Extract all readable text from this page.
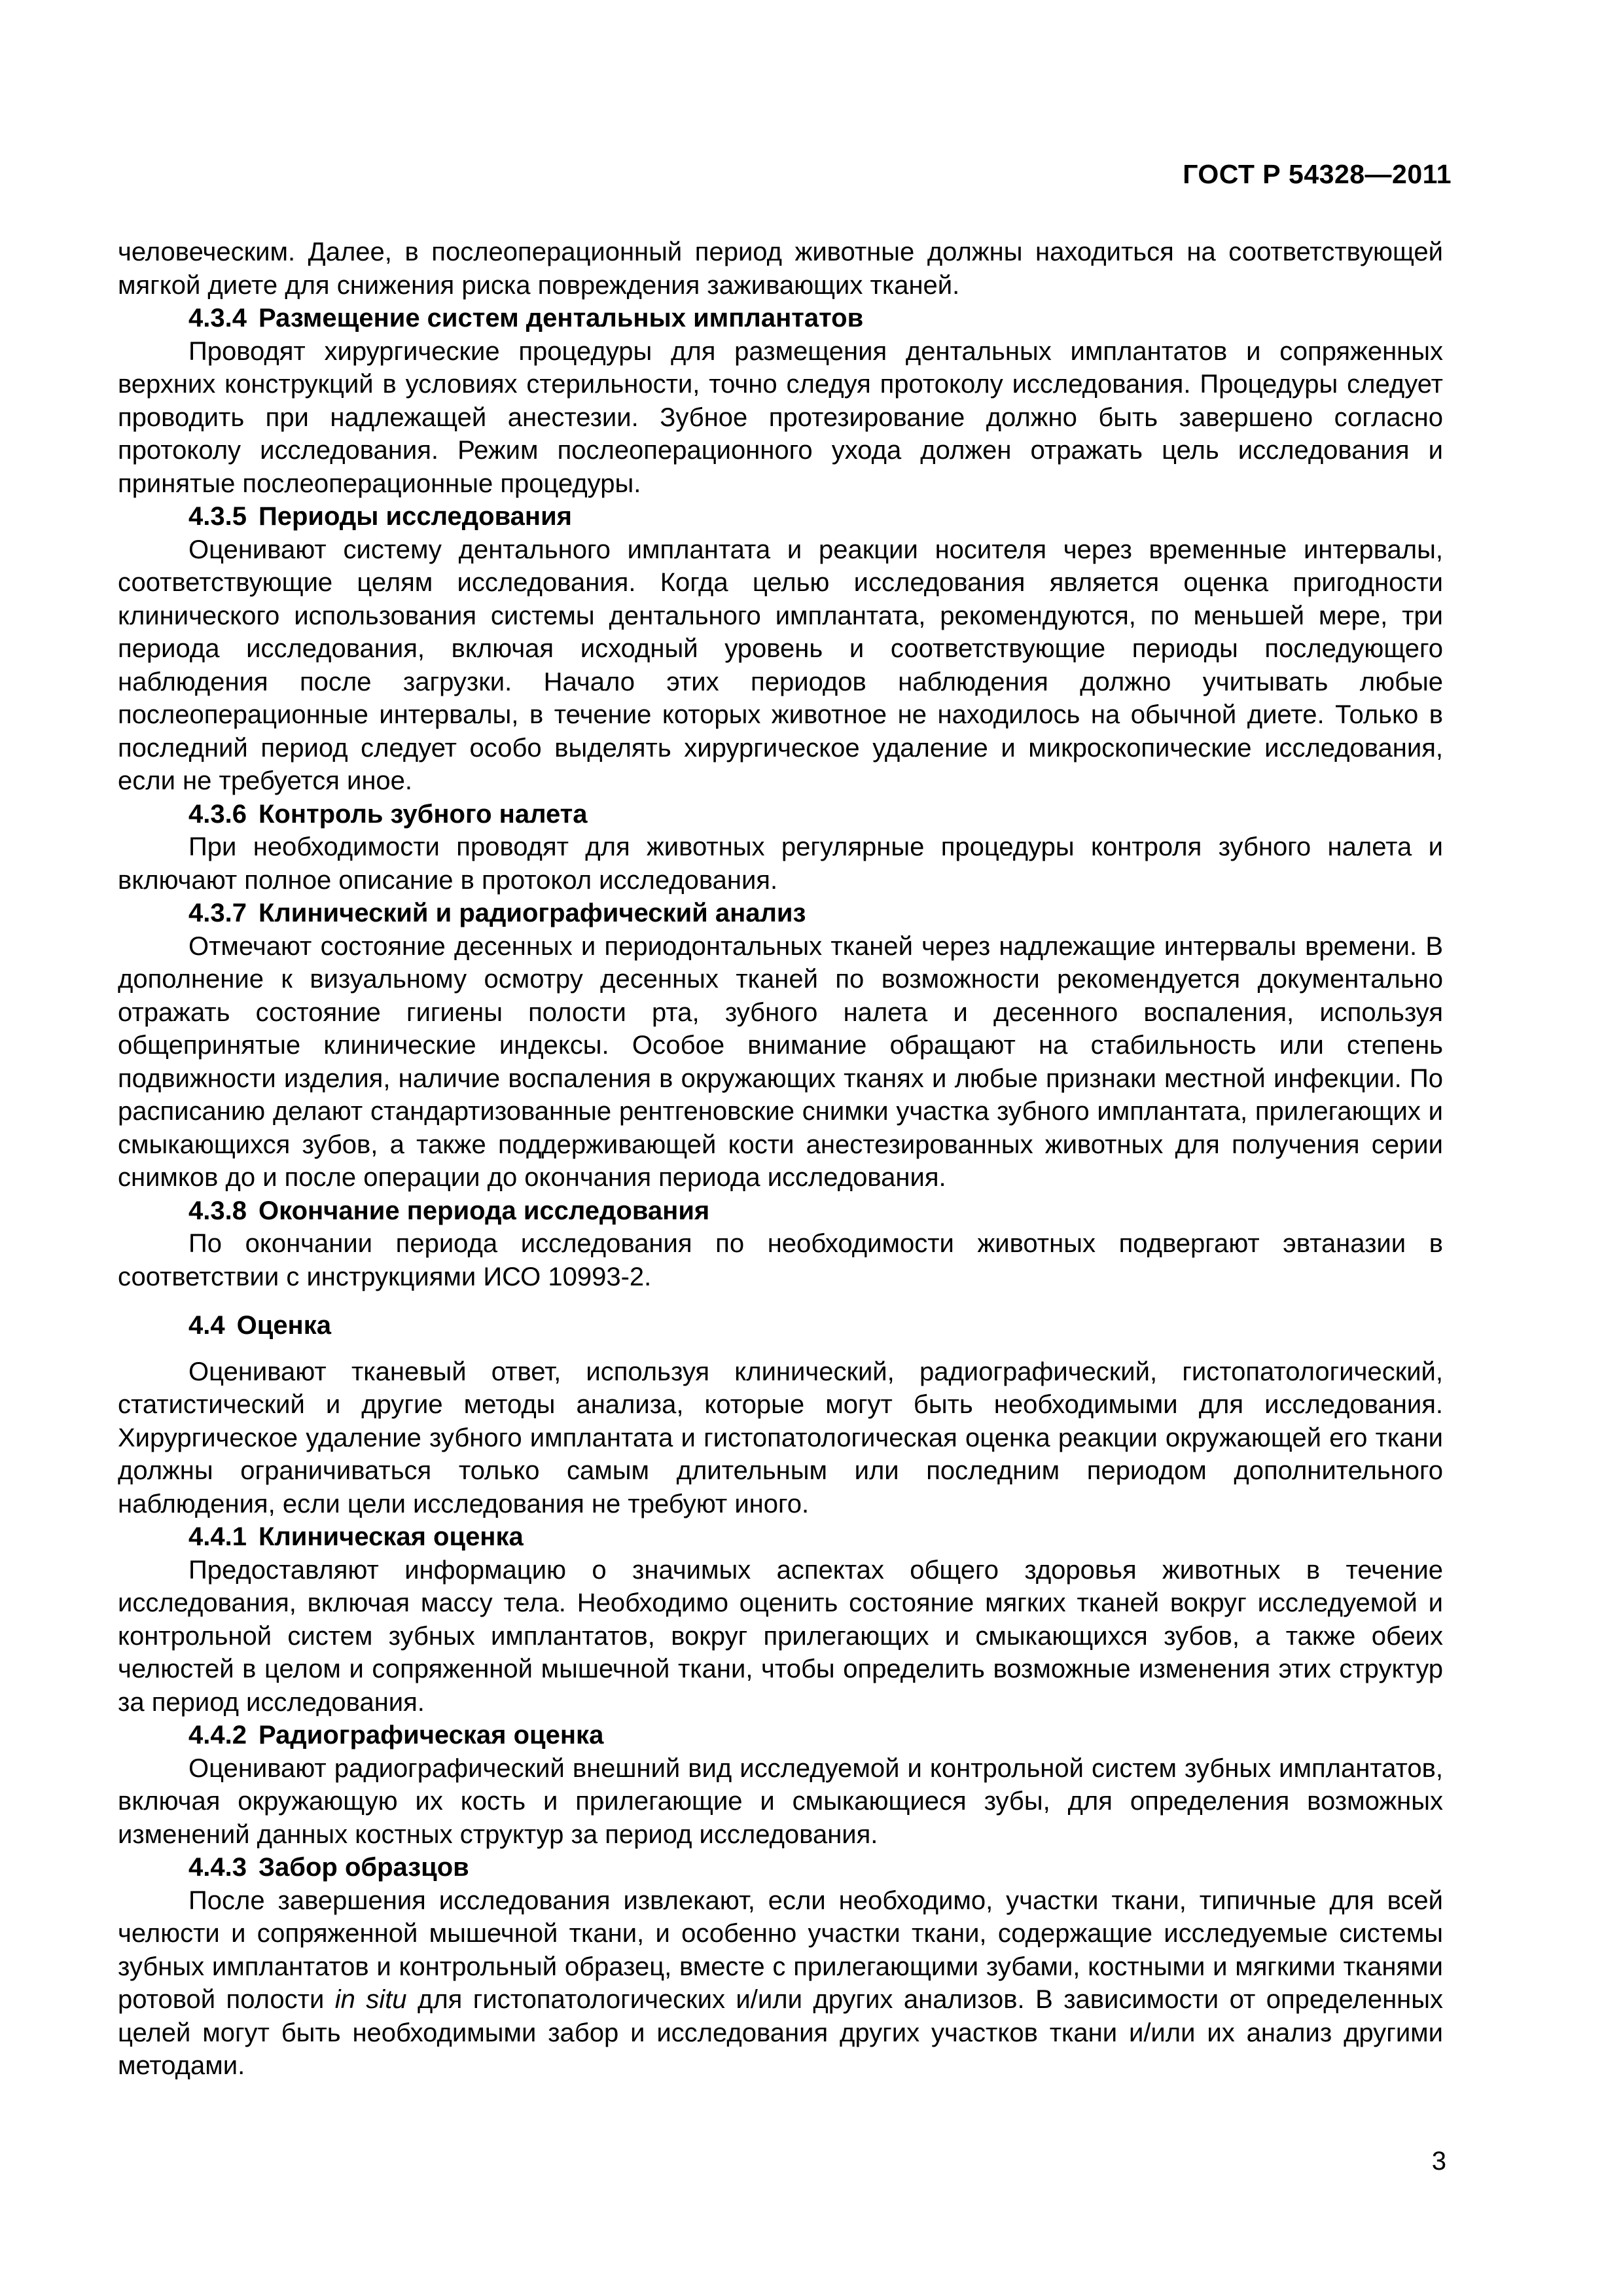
ГОСТ Р 54328—2011

человеческим. Далее, в послеоперационный период животные должны находиться на соответствующей мягкой диете для снижения риска повреждения заживающих тканей.

4.3.4 Размещение систем дентальных имплантатов

Проводят хирургические процедуры для размещения дентальных имплантатов и сопряженных верхних конструкций в условиях стерильности, точно следуя протоколу исследования. Процедуры следует проводить при надлежащей анестезии. Зубное протезирование должно быть завершено согласно протоколу исследования. Режим послеоперационного ухода должен отражать цель исследования и принятые послеоперационные процедуры.

4.3.5 Периоды исследования

Оценивают систему дентального имплантата и реакции носителя через временные интервалы, соответствующие целям исследования. Когда целью исследования является оценка пригодности клинического использования системы дентального имплантата, рекомендуются, по меньшей мере, три периода исследования, включая исходный уровень и соответствующие периоды последующего наблюдения после загрузки. Начало этих периодов наблюдения должно учитывать любые послеоперационные интервалы, в течение которых животное не находилось на обычной диете. Только в последний период следует особо выделять хирургическое удаление и микроскопические исследования, если не требуется иное.

4.3.6 Контроль зубного налета

При необходимости проводят для животных регулярные процедуры контроля зубного налета и включают полное описание в протокол исследования.

4.3.7 Клинический и радиографический анализ

Отмечают состояние десенных и периодонтальных тканей через надлежащие интервалы времени. В дополнение к визуальному осмотру десенных тканей по возможности рекомендуется документально отражать состояние гигиены полости рта, зубного налета и десенного воспаления, используя общепринятые клинические индексы. Особое внимание обращают на стабильность или степень подвижности изделия, наличие воспаления в окружающих тканях и любые признаки местной инфекции. По расписанию делают стандартизованные рентгеновские снимки участка зубного имплантата, прилегающих и смыкающихся зубов, а также поддерживающей кости анестезированных животных для получения серии снимков до и после операции до окончания периода исследования.

4.3.8 Окончание периода исследования

По окончании периода исследования по необходимости животных подвергают эвтаназии в соответствии с инструкциями ИСО 10993-2.

4.4 Оценка

Оценивают тканевый ответ, используя клинический, радиографический, гистопатологический, статистический и другие методы анализа, которые могут быть необходимыми для исследования. Хирургическое удаление зубного имплантата и гистопатологическая оценка реакции окружающей его ткани должны ограничиваться только самым длительным или последним периодом дополнительного наблюдения, если цели исследования не требуют иного.

4.4.1 Клиническая оценка

Предоставляют информацию о значимых аспектах общего здоровья животных в течение исследования, включая массу тела. Необходимо оценить состояние мягких тканей вокруг исследуемой и контрольной систем зубных имплантатов, вокруг прилегающих и смыкающихся зубов, а также обеих челюстей в целом и сопряженной мышечной ткани, чтобы определить возможные изменения этих структур за период исследования.

4.4.2 Радиографическая оценка

Оценивают радиографический внешний вид исследуемой и контрольной систем зубных имплантатов, включая окружающую их кость и прилегающие и смыкающиеся зубы, для определения возможных изменений данных костных структур за период исследования.

4.4.3 Забор образцов

После завершения исследования извлекают, если необходимо, участки ткани, типичные для всей челюсти и сопряженной мышечной ткани, и особенно участки ткани, содержащие исследуемые системы зубных имплантатов и контрольный образец, вместе с прилегающими зубами, костными и мягкими тканями ротовой полости in situ для гистопатологических и/или других анализов. В зависимости от определенных целей могут быть необходимыми забор и исследования других участков ткани и/или их анализ другими методами.

3
